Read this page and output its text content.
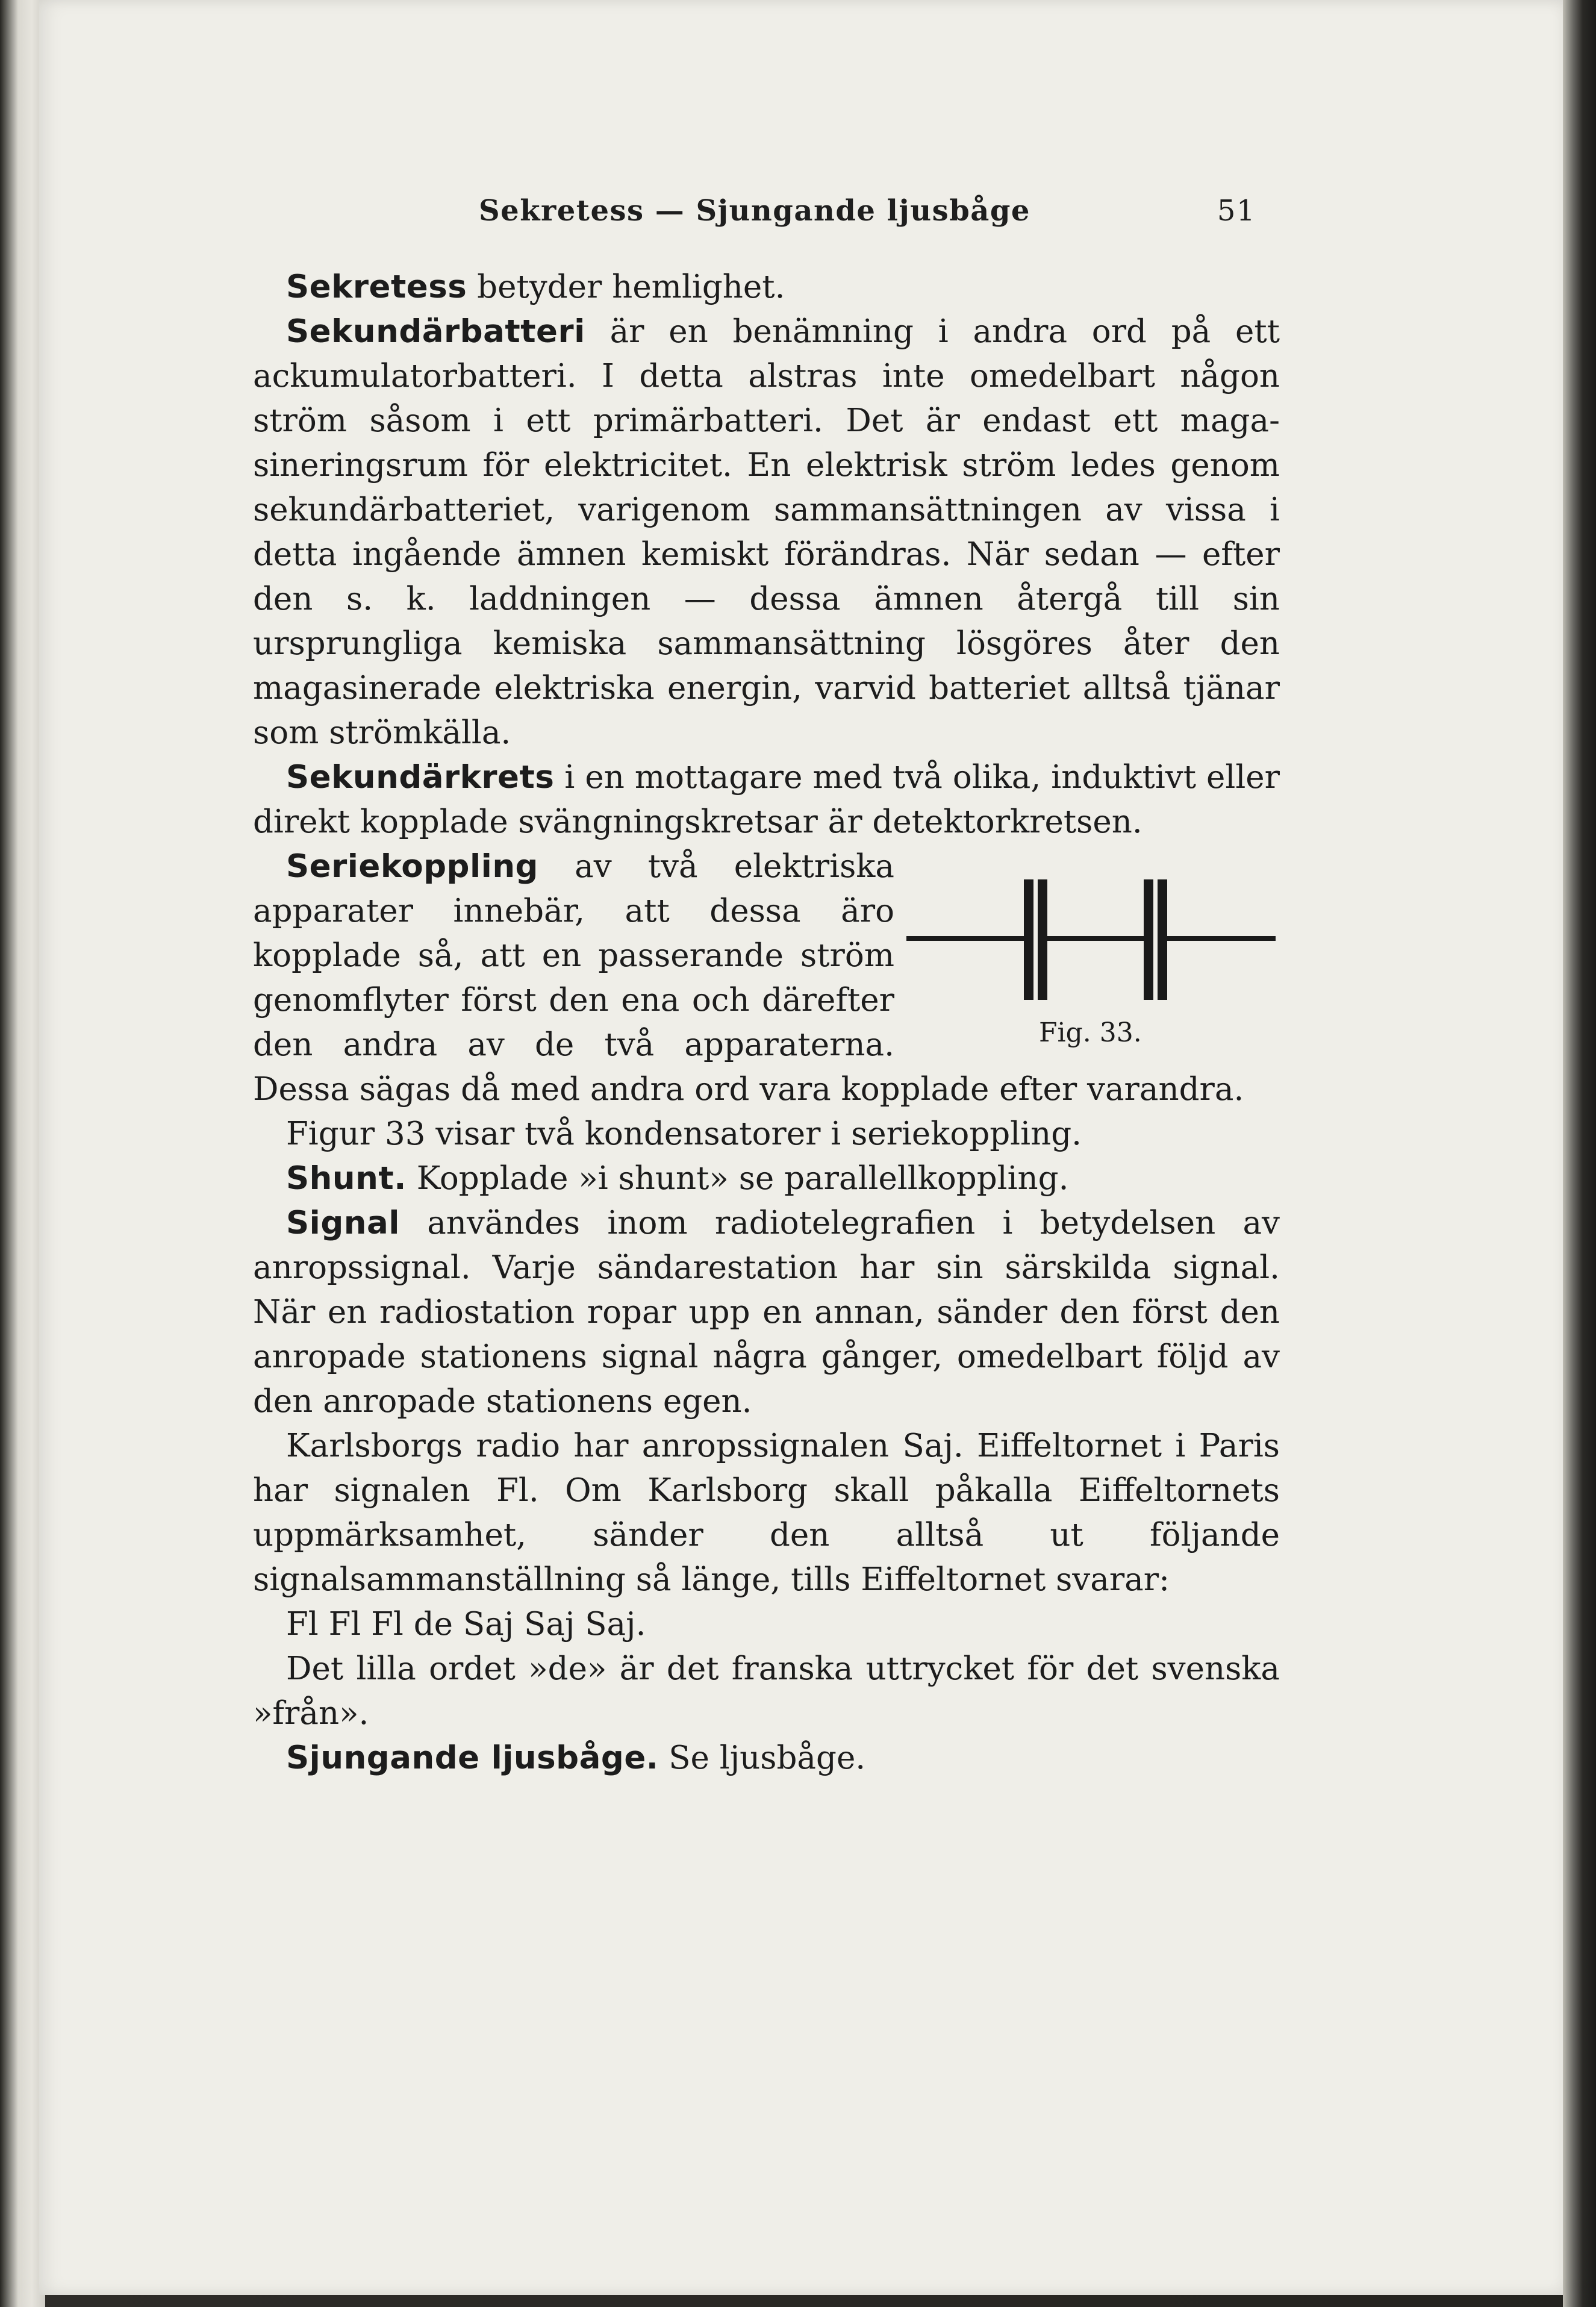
Sekretess — Sjungande ljusbåge	51

Sekretess betyder hemlighet.

Sekundärbatteri är en benämning i andra ord på ett ackumulatorbatteri. I detta alstras inte omedelbart någon ström såsom i ett primärbatteri. Det är endast ett magasineringsrum för elektricitet. En elektrisk ström ledes genom sekundärbatteriet, varigenom sammansättningen av vissa i detta ingående ämnen kemiskt förändras. När sedan — efter den s. k. laddningen — dessa ämnen återgå till sin ursprungliga kemiska sammansättning lösgöres åter den magasinerade elektriska energin, varvid batteriet alltså tjänar som strömkälla.

Sekundärkrets i en mottagare med två olika, induktivt eller direkt kopplade svängningskretsar är detektorkretsen.

Fig. 33.

Seriekoppling av två elektriska apparater innebär, att dessa äro kopplade så, att en passerande ström genomflyter först den ena och därefter den andra av de två apparaterna. Dessa sägas då med andra ord vara kopplade efter varandra.

Figur 33 visar två kondensatorer i seriekoppling.

Shunt. Kopplade »i shunt» se parallellkoppling.

Signal användes inom radiotelegrafien i betydelsen av anropssignal. Varje sändarestation har sin särskilda signal. När en radiostation ropar upp en annan, sänder den först den anropade stationens signal några gånger, omedelbart följd av den anropade stationens egen.

Karlsborgs radio har anropssignalen Saj. Eiffeltornet i Paris har signalen Fl. Om Karlsborg skall påkalla Eiffeltornets uppmärksamhet, sänder den alltså ut följande signalsammanställning så länge, tills Eiffeltornet svarar:

Fl Fl Fl de Saj Saj Saj.

Det lilla ordet »de» är det franska uttrycket för det svenska »från».

Sjungande ljusbåge. Se ljusbåge.
